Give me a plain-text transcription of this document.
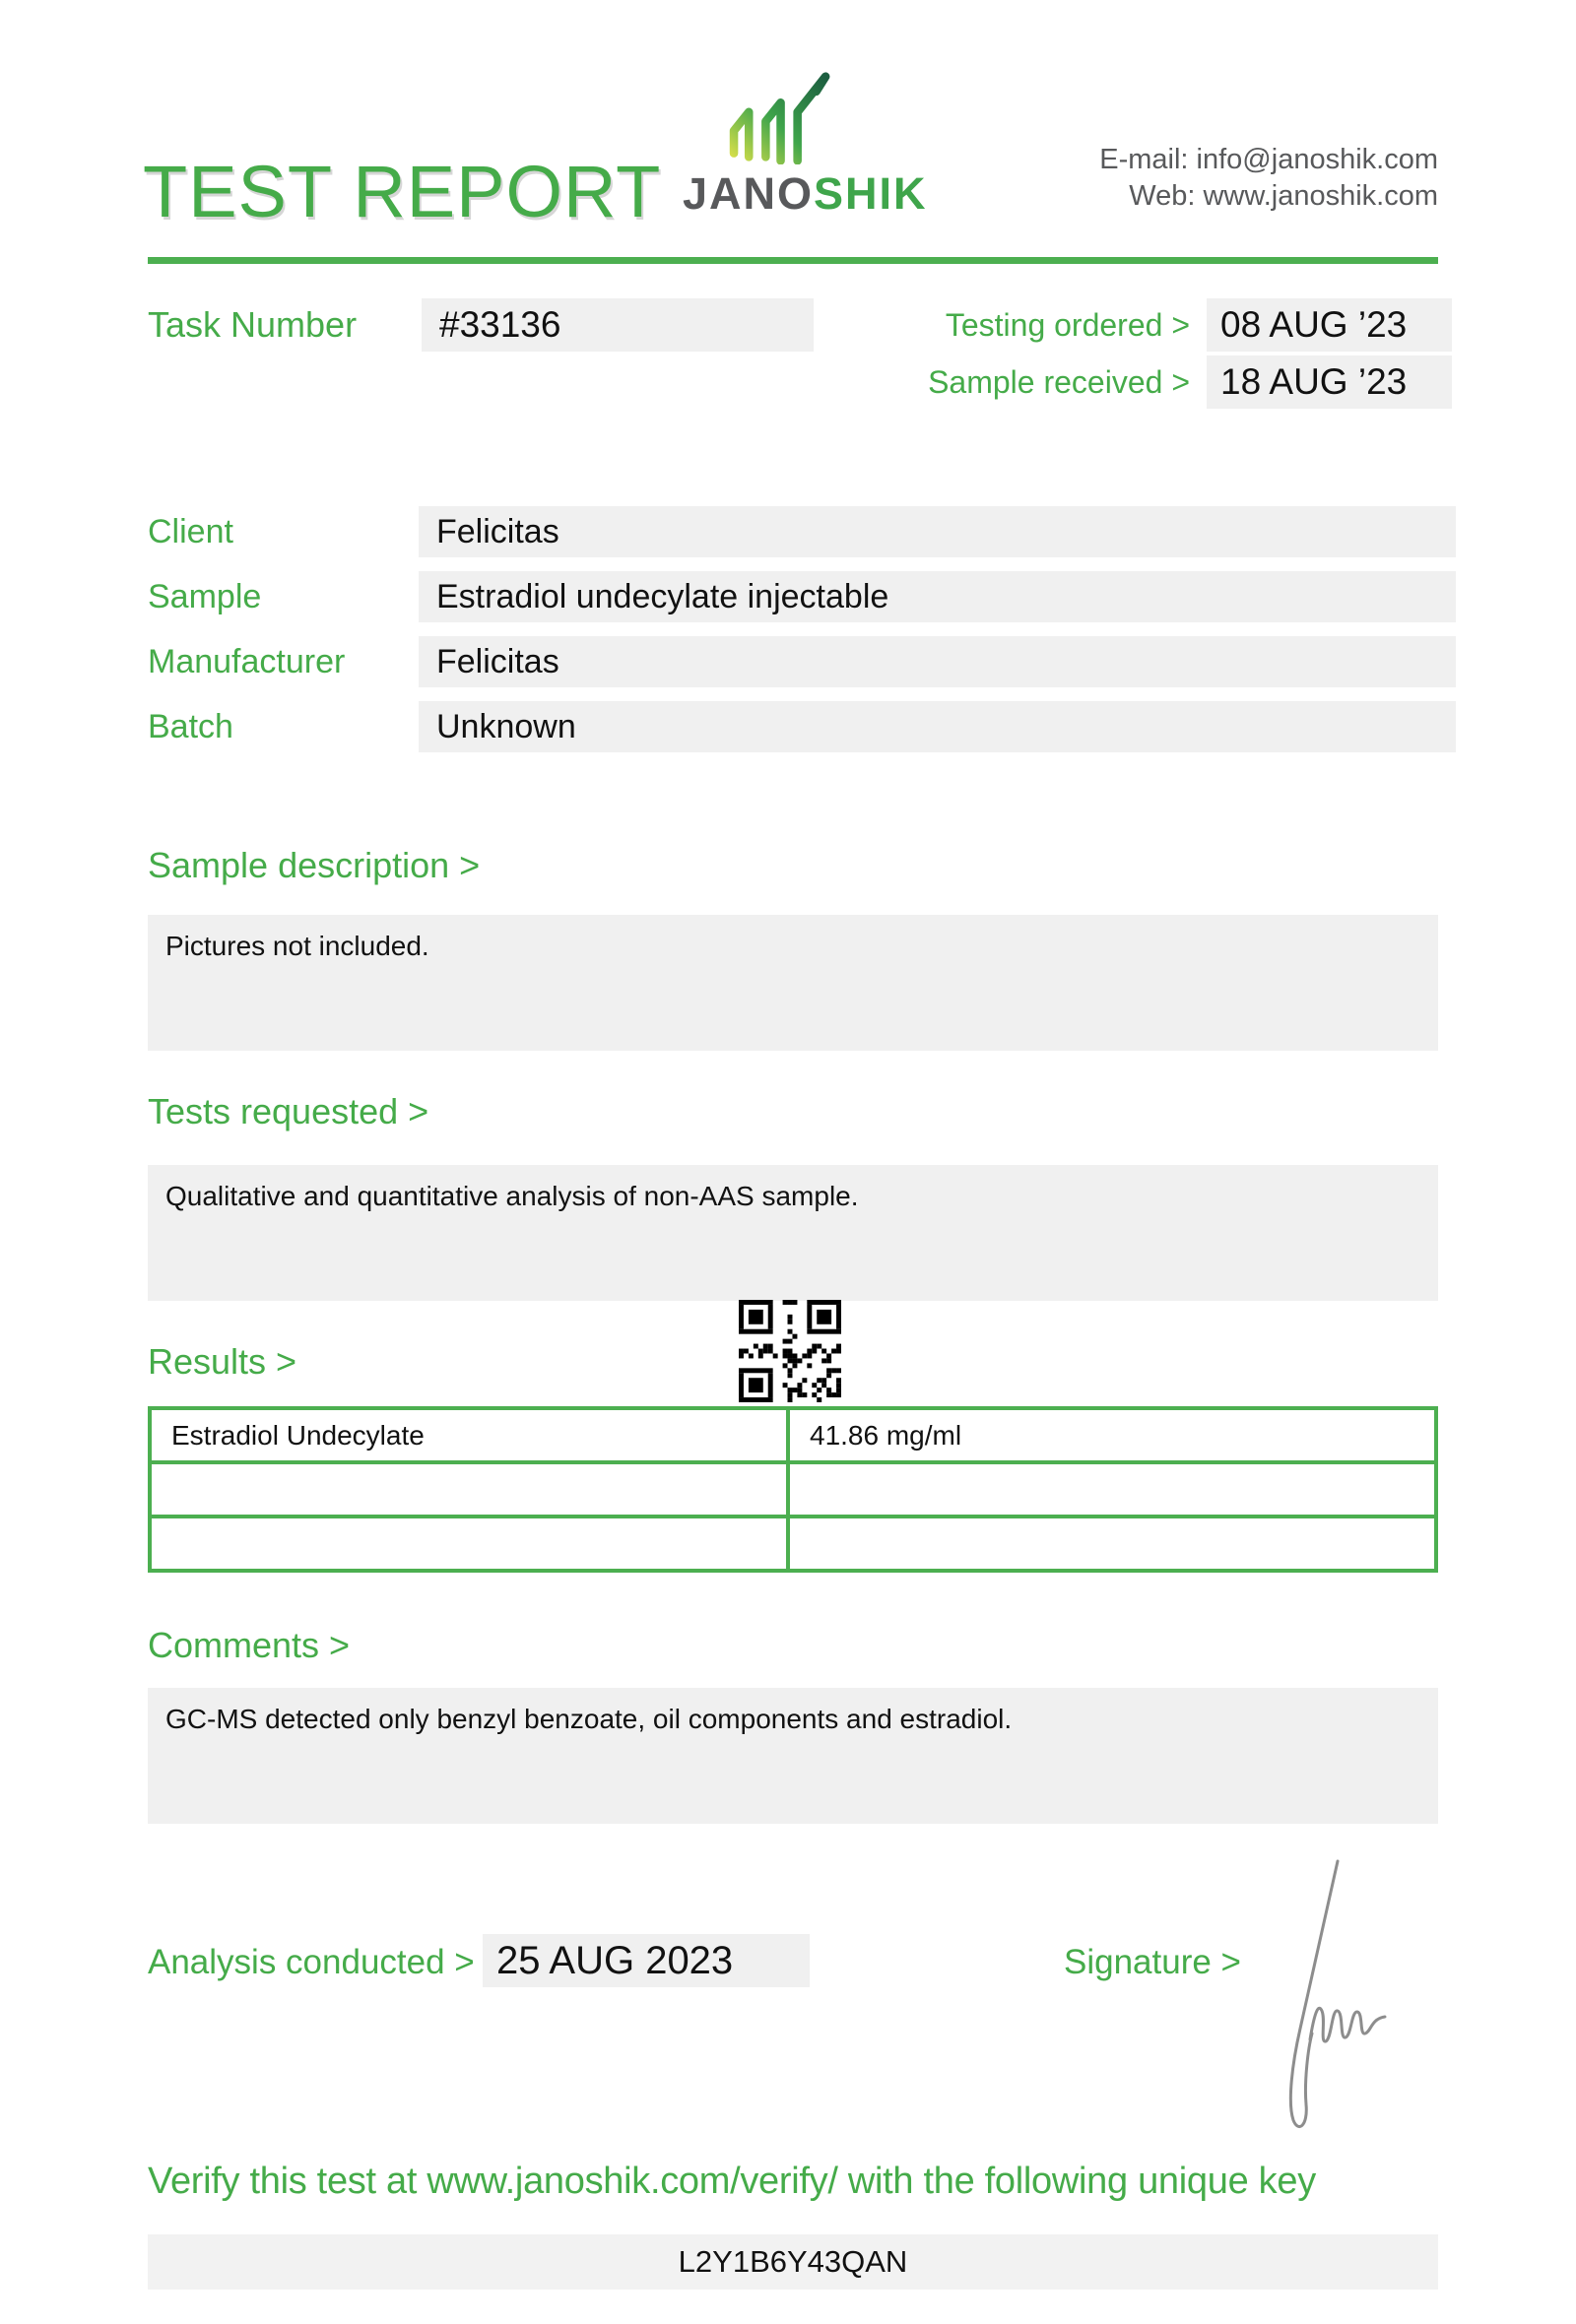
TEST REPORT JANOSHIK
E-mail: info@janoshik.com
Web: www.janoshik.com
Task Number #33136	Testing ordered > 08 AUG ’23
Sample received > 18 AUG ’23
Client	Felicitas
Sample	Estradiol undecylate injectable
Manufacturer	Felicitas
Batch	Unknown
Sample description >
Pictures not included.
Tests requested >
Qualitative and quantitative analysis of non-AAS sample.
Results >
Estradiol Undecylate	41.86 mg/ml
Comments >
GC-MS detected only benzyl benzoate, oil components and estradiol.
Analysis conducted > 25 AUG 2023	Signature >

Verify this test at www.janoshik.com/verify/ with the following unique key

L2Y1B6Y43QAN
